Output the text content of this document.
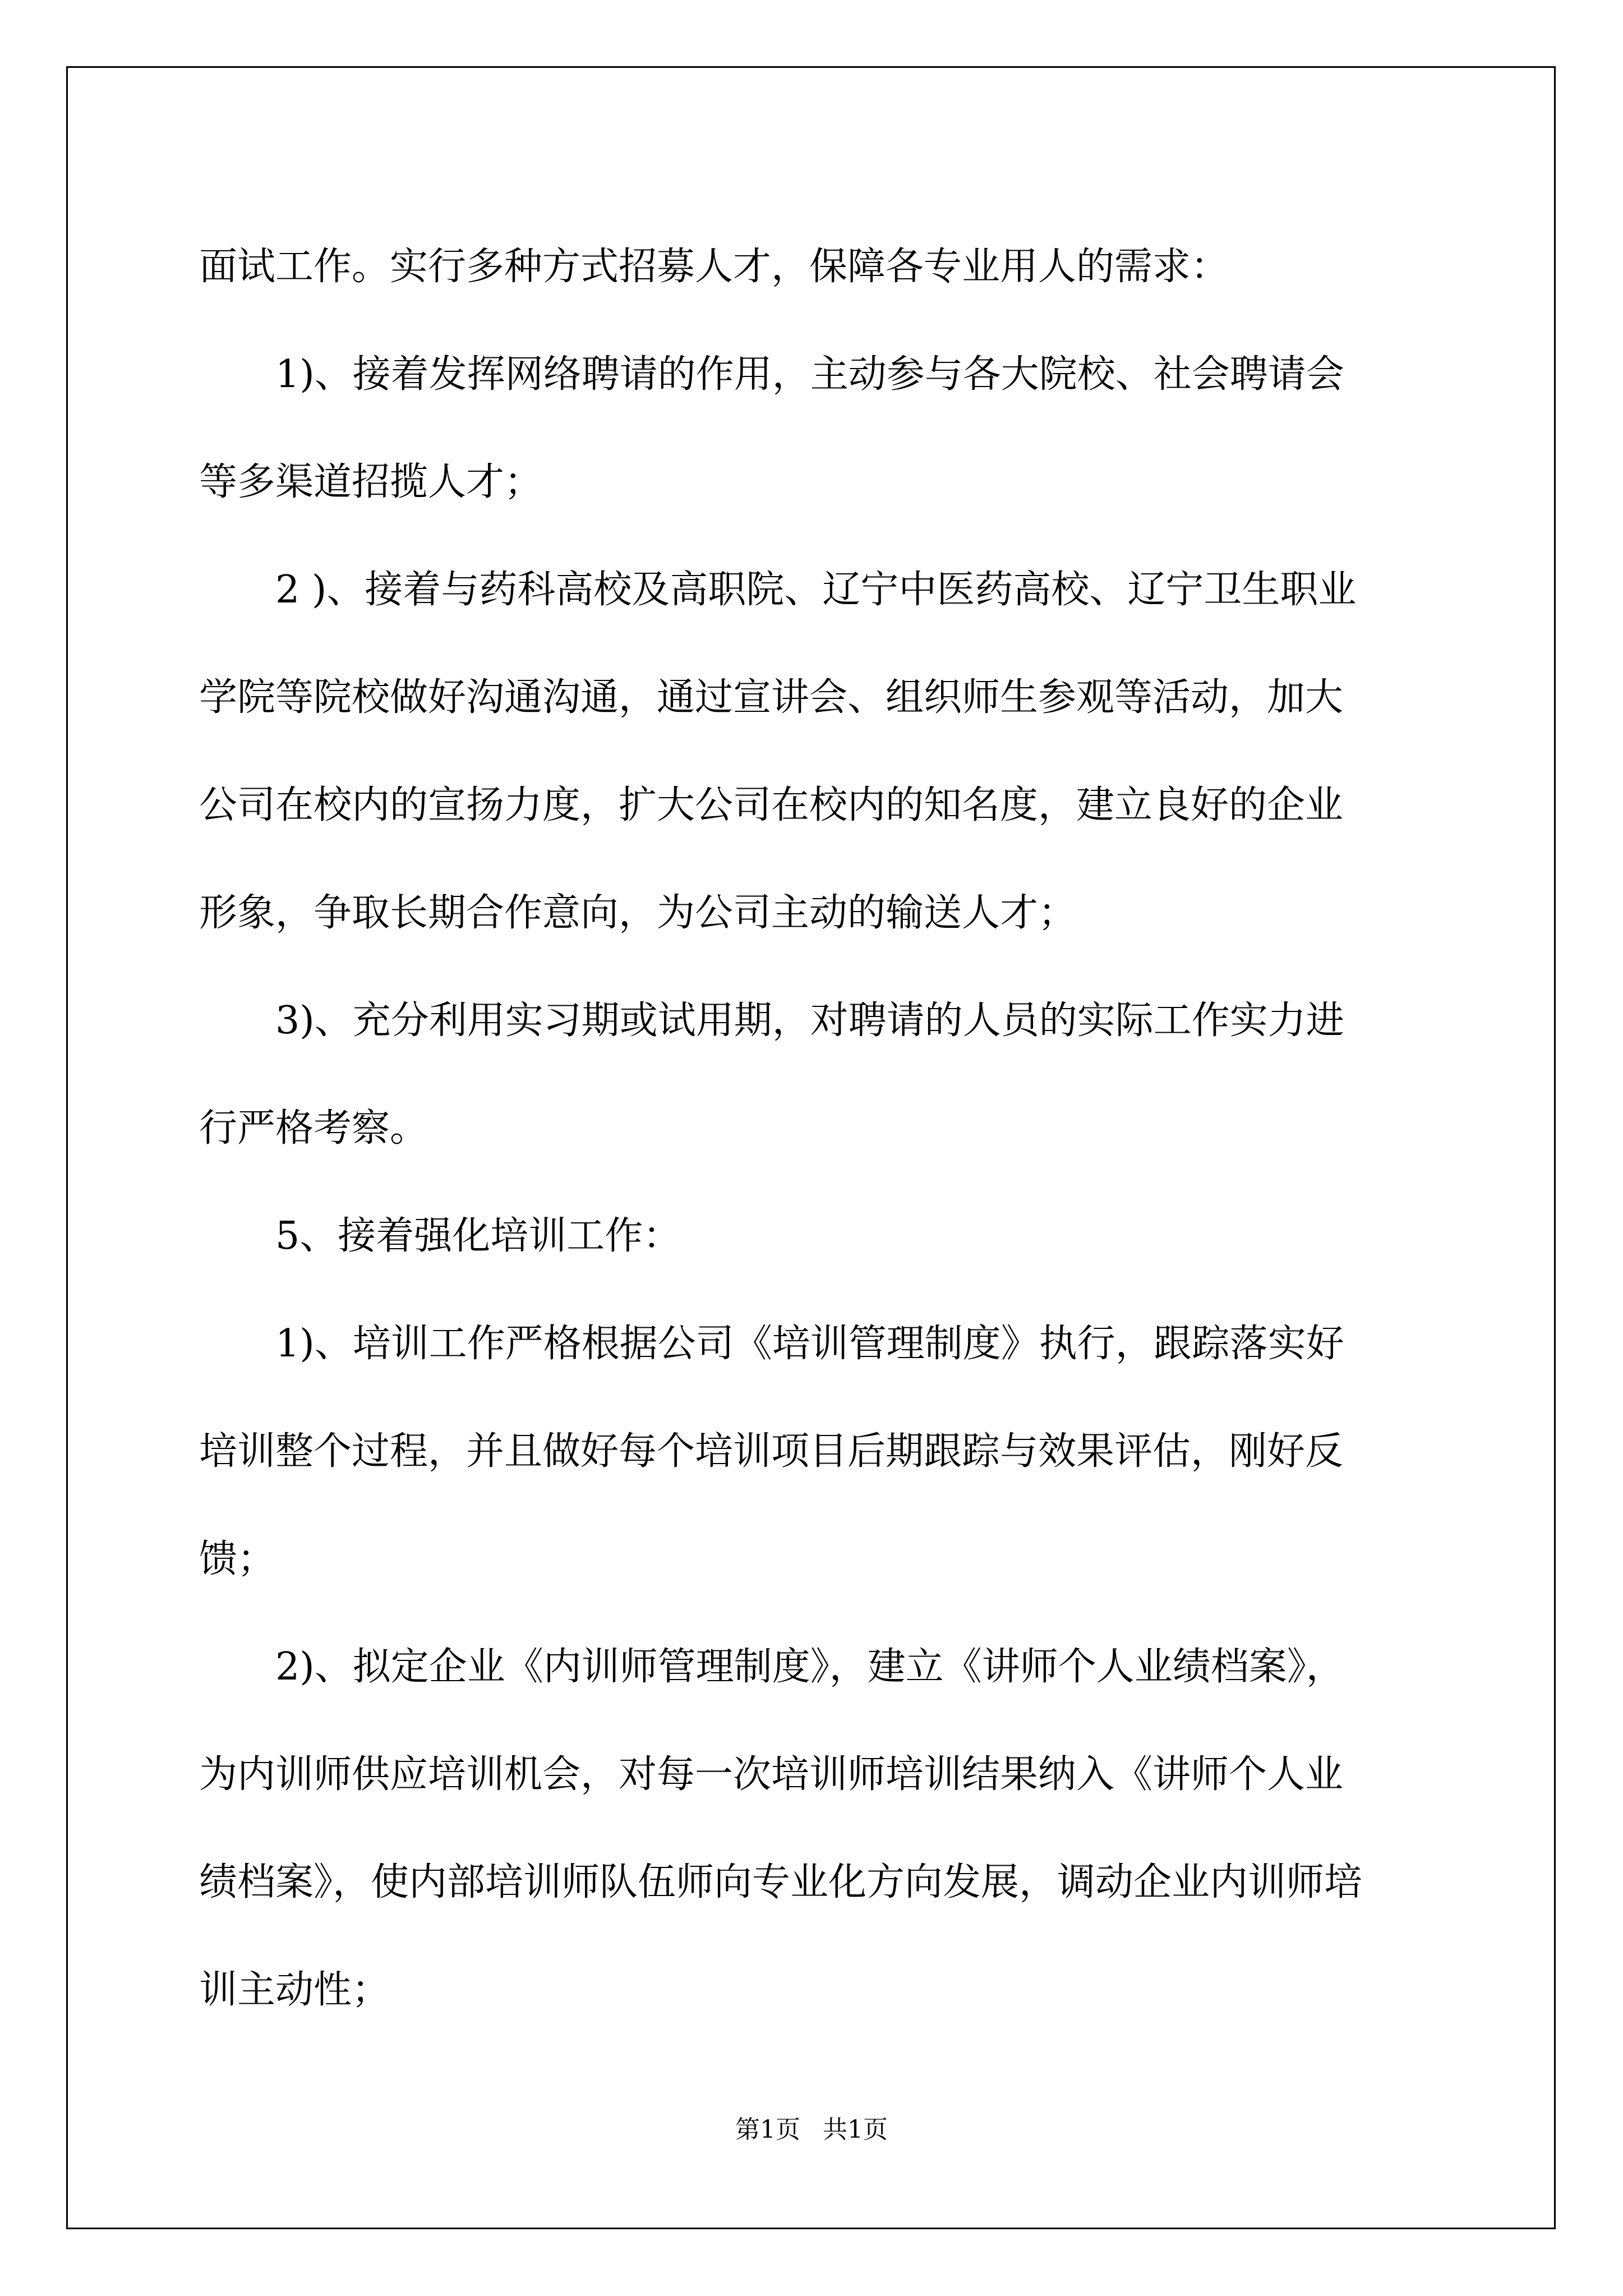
面试工作。实行多种方式招募人才，保障各专业用人的需求：

1)、接着发挥网络聘请的作用，主动参与各大院校、社会聘请会

等多渠道招揽人才；

2 )、接着与药科高校及高职院、辽宁中医药高校、辽宁卫生职业

学院等院校做好沟通沟通，通过宣讲会、组织师生参观等活动，加大

公司在校内的宣扬力度，扩大公司在校内的知名度，建立良好的企业

形象，争取长期合作意向，为公司主动的输送人才；

3)、充分利用实习期或试用期，对聘请的人员的实际工作实力进

行严格考察。

5、接着强化培训工作：

1)、培训工作严格根据公司《培训管理制度》执行，跟踪落实好

培训整个过程，并且做好每个培训项目后期跟踪与效果评估，刚好反

馈；

2)、拟定企业《内训师管理制度》，建立《讲师个人业绩档案》，

为内训师供应培训机会，对每一次培训师培训结果纳入《讲师个人业

绩档案》，使内部培训师队伍师向专业化方向发展，调动企业内训师培

训主动性；

第1页 共1页
